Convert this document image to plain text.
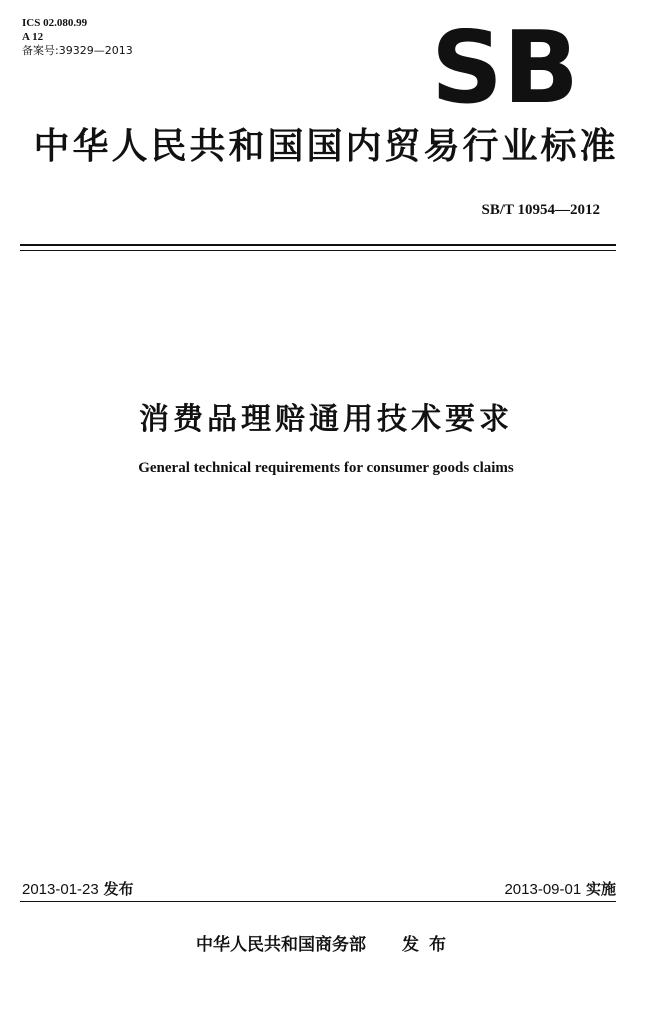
ICS 02.080.99
A 12
备案号:39329—2013	SB
中华人民共和国国内贸易行业标准
SB/T 10954—2012
消费品理赔通用技术要求
General technical requirements for consumer goods claims
2013-01-23 发布	2013-09-01 实施
中华人民共和国商务部 发布
